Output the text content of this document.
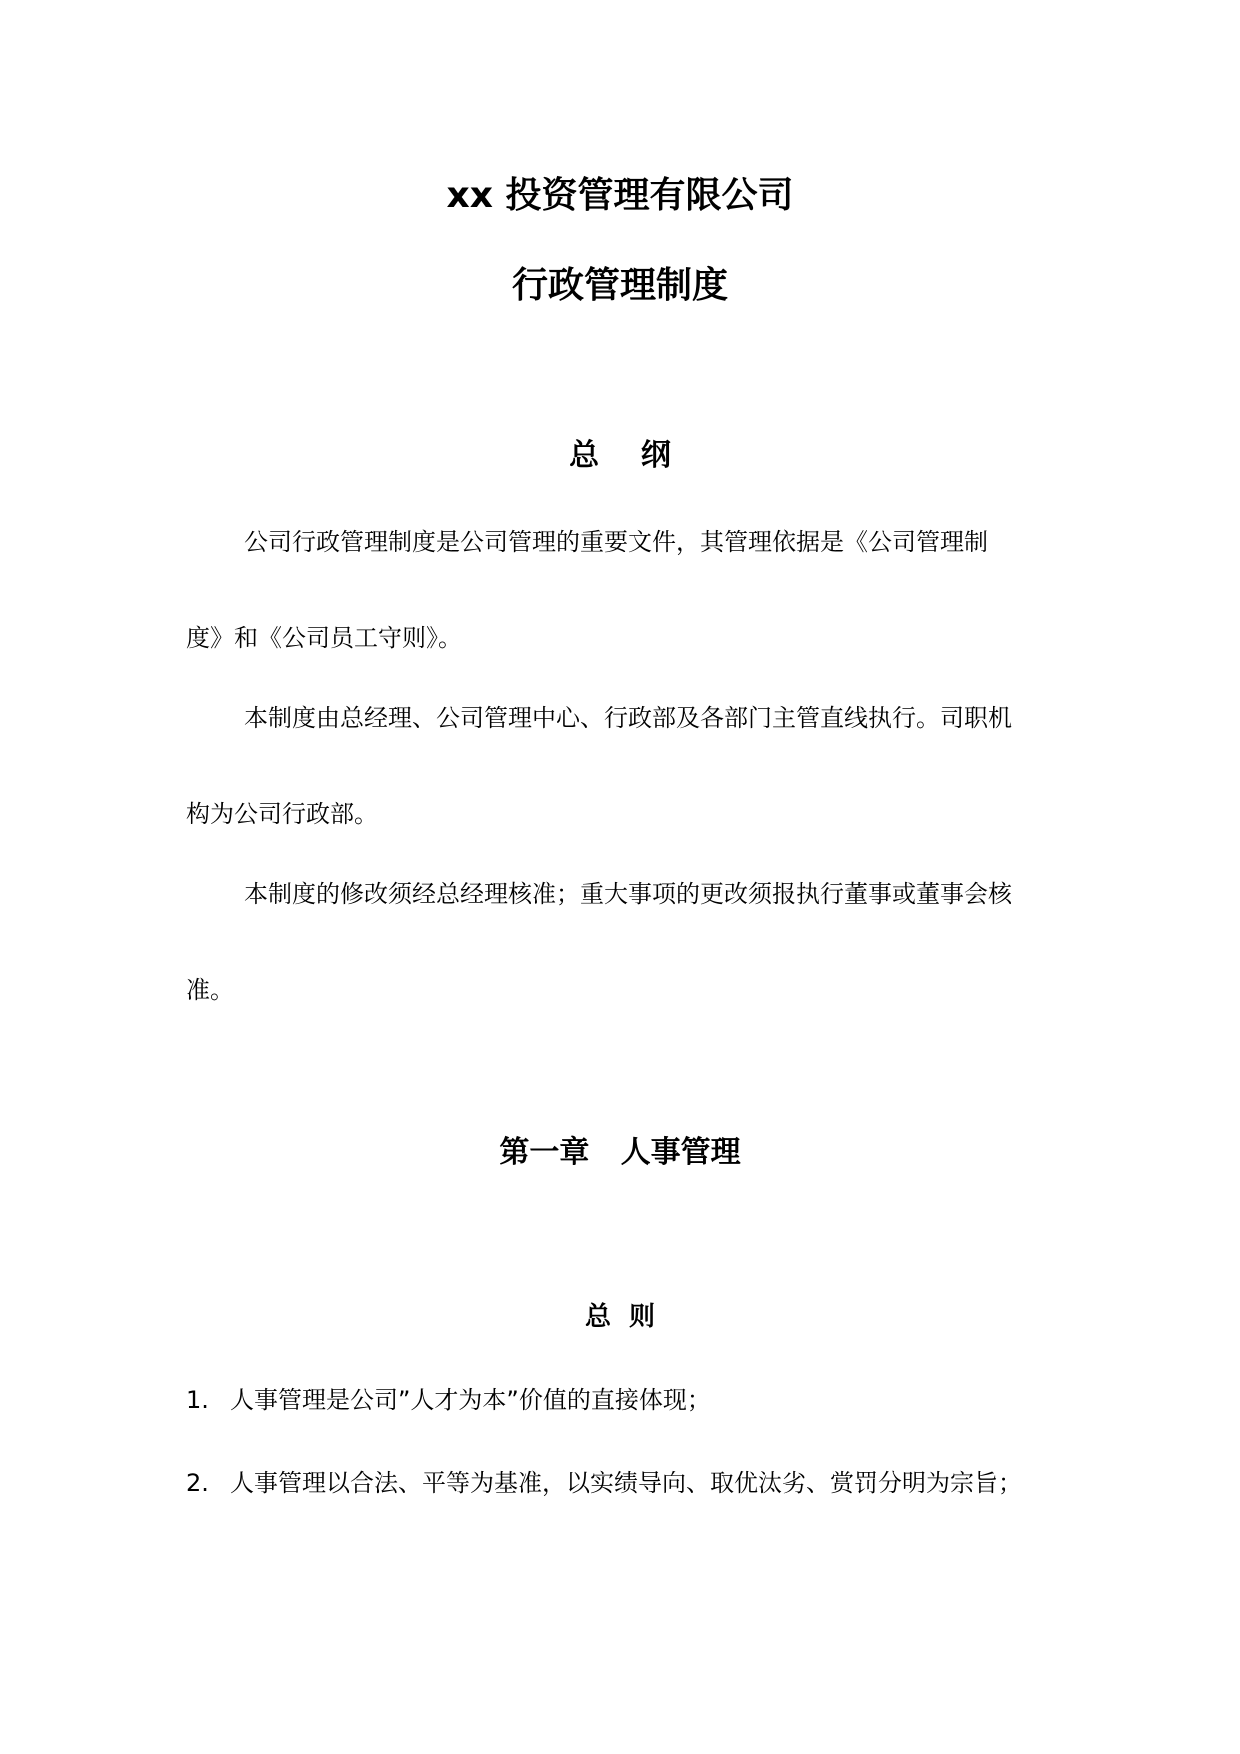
xx 投资管理有限公司
行政管理制度
总    纲
公司行政管理制度是公司管理的重要文件，其管理依据是《公司管理制
度》和《公司员工守则》。
本制度由总经理、公司管理中心、行政部及各部门主管直线执行。司职机
构为公司行政部。
本制度的修改须经总经理核准；重大事项的更改须报执行董事或董事会核
准。
第一章   人事管理
总  则
1. 人事管理是公司”人才为本”价值的直接体现；
2. 人事管理以合法、平等为基准，以实绩导向、取优汰劣、赏罚分明为宗旨；
